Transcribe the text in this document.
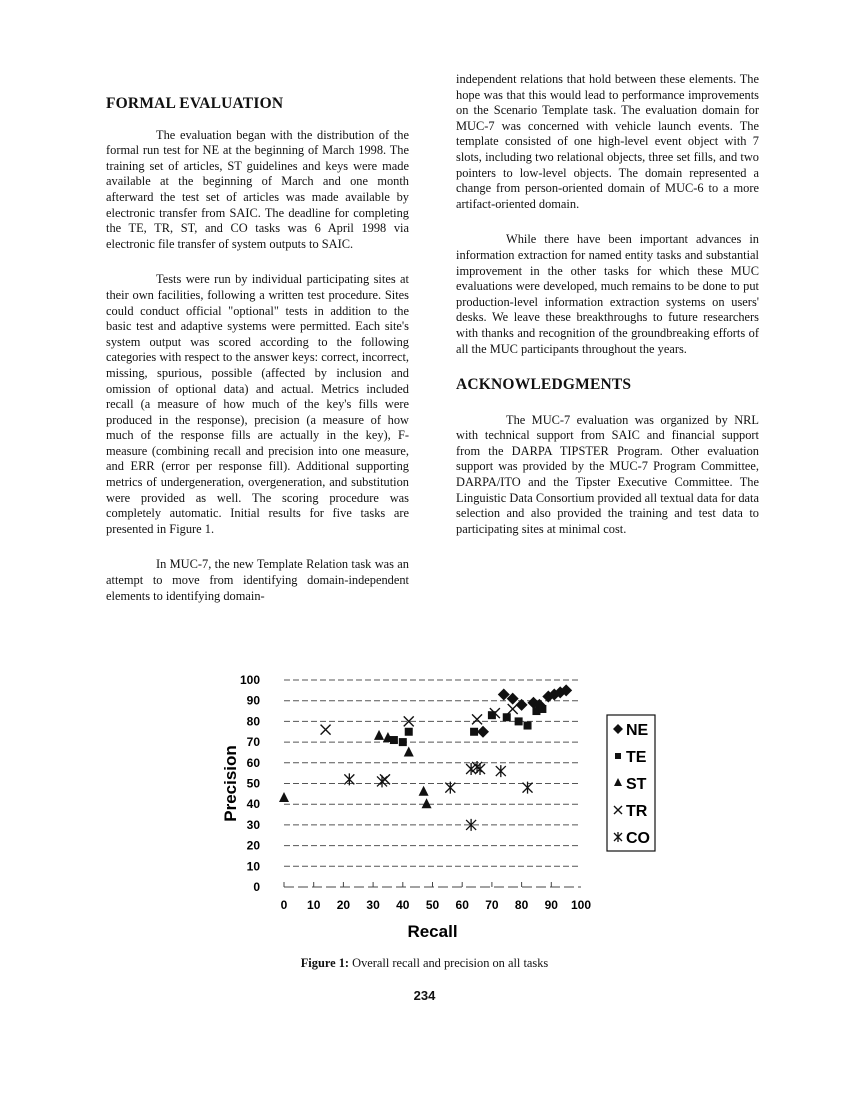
FORMAL EVALUATION

The evaluation began with the distribution of the formal run test for NE at the beginning of March 1998. The training set of articles, ST guidelines and keys were made available at the beginning of March and one month afterward the test set of articles was made available by electronic transfer from SAIC. The deadline for completing the TE, TR, ST, and CO tasks was 6 April 1998 via electronic file transfer of system outputs to SAIC.

Tests were run by individual participating sites at their own facilities, following a written test procedure. Sites could conduct official "optional" tests in addition to the basic test and adaptive systems were permitted. Each site's system output was scored according to the following categories with respect to the answer keys: correct, incorrect, missing, spurious, possible (affected by inclusion and omission of optional data) and actual. Metrics included recall (a measure of how much of the key's fills were produced in the response), precision (a measure of how much of the response fills are actually in the key), F-measure (combining recall and precision into one measure, and ERR (error per response fill). Additional supporting metrics of undergeneration, overgeneration, and substitution were provided as well. The scoring procedure was completely automatic. Initial results for five tasks are presented in Figure 1.

In MUC-7, the new Template Relation task was an attempt to move from identifying domain-independent elements to identifying domain-

independent relations that hold between these elements. The hope was that this would lead to performance improvements on the Scenario Template task. The evaluation domain for MUC-7 was concerned with vehicle launch events. The template consisted of one high-level event object with 7 slots, including two relational objects, three set fills, and two pointers to low-level objects. The domain represented a change from person-oriented domain of MUC-6 to a more artifact-oriented domain.

While there have been important advances in information extraction for named entity tasks and substantial improvement in the other tasks for which these MUC evaluations were developed, much remains to be done to put production-level information extraction systems on users' desks. We leave these breakthroughs to future researchers with thanks and recognition of the groundbreaking efforts of all the MUC participants throughout the years.

ACKNOWLEDGMENTS

The MUC-7 evaluation was organized by NRL with technical support from SAIC and financial support from the DARPA TIPSTER Program. Other evaluation support was provided by the MUC-7 Program Committee, DARPA/ITO and the Tipster Executive Committee. The Linguistic Data Consortium provided all textual data for data selection and also provided the training and test data to participating sites at minimal cost.

0
10
20
30
40
50
60
70
80
90
100
0 10 20 30 40 50 60 70 80 90 100
Recall
Precision
NE
TE
ST
TR
CO
Figure 1: Overall recall and precision on all tasks
234
